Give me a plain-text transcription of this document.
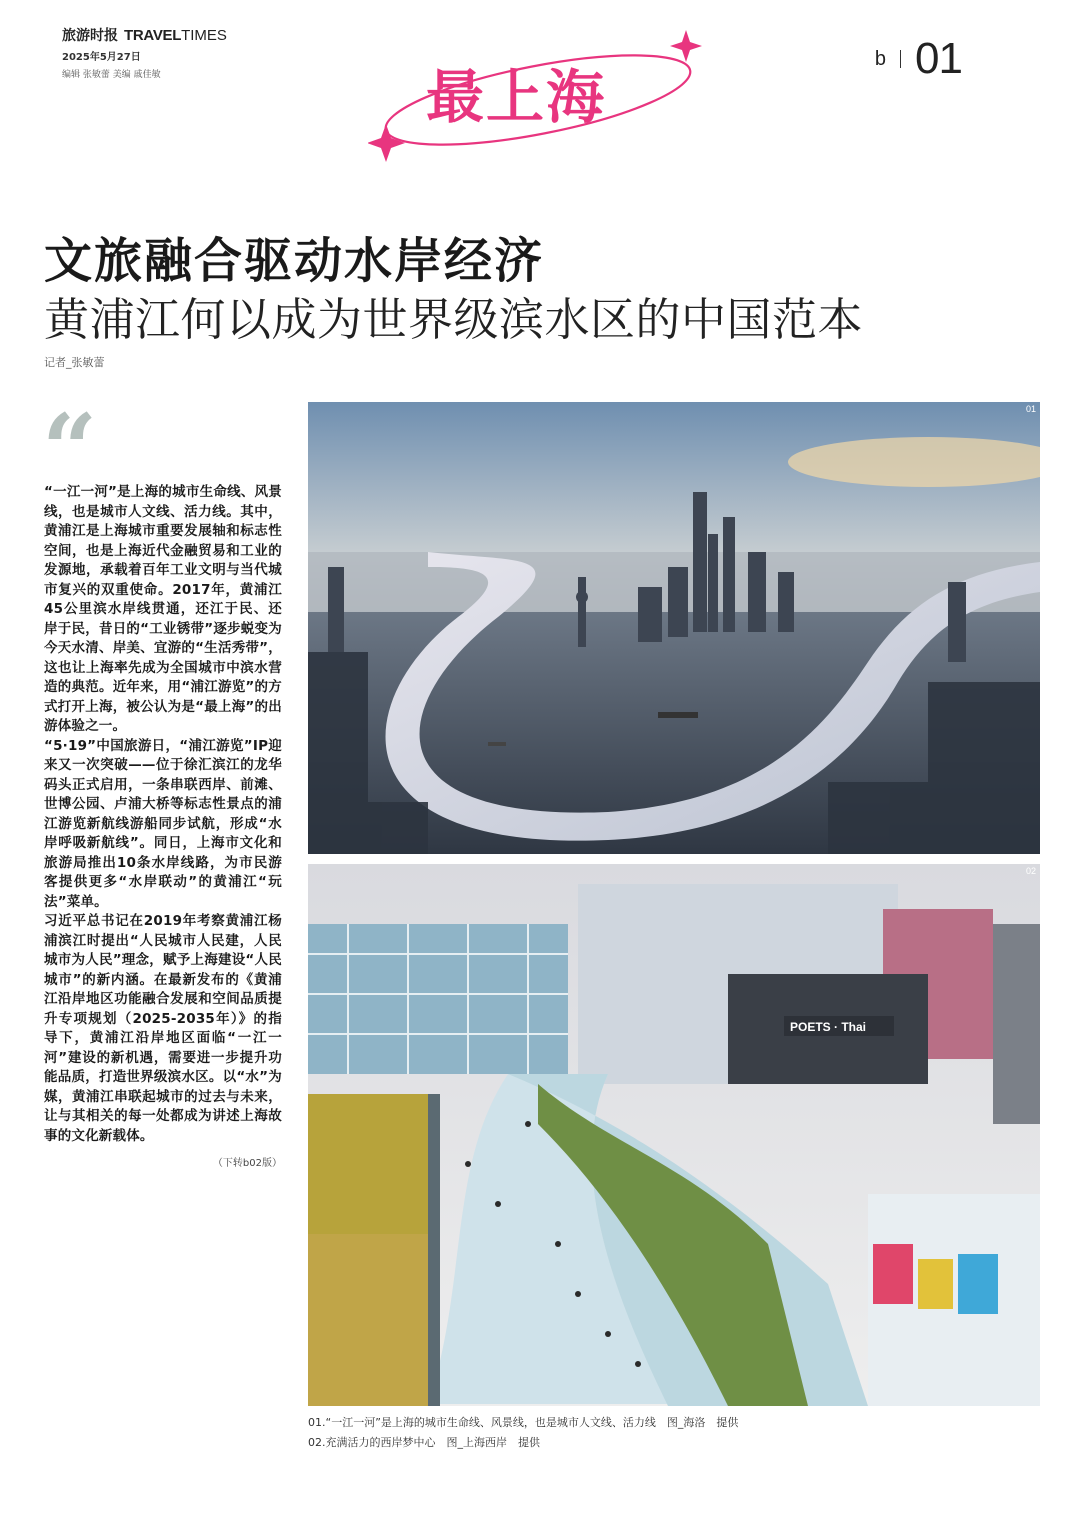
旅游时报 TRAVEL TIMES
2025年5月27日
编辑 张敏蕾 美编 戚佳敏	最上海
b 01
文旅融合驱动水岸经济
黄浦江何以成为世界级滨水区的中国范本
记者_张敏蕾
“

“一江一河”是上海的城市生命线、风景线，也是城市人文线、活力线。其中，黄浦江是上海城市重要发展轴和标志性空间，也是上海近代金融贸易和工业的发源地，承载着百年工业文明与当代城市复兴的双重使命。2017年，黄浦江45公里滨水岸线贯通，还江于民、还岸于民，昔日的“工业锈带”逐步蜕变为今天水清、岸美、宜游的“生活秀带”，这也让上海率先成为全国城市中滨水营造的典范。近年来，用“浦江游览”的方式打开上海，被公认为是“最上海”的出游体验之一。

“5·19”中国旅游日，“浦江游览”IP迎来又一次突破——位于徐汇滨江的龙华码头正式启用，一条串联西岸、前滩、世博公园、卢浦大桥等标志性景点的浦江游览新航线游船同步试航，形成“水岸呼吸新航线”。同日，上海市文化和旅游局推出10条水岸线路，为市民游客提供更多“水岸联动”的黄浦江“玩法”菜单。

习近平总书记在2019年考察黄浦江杨浦滨江时提出“人民城市人民建，人民城市为人民”理念，赋予上海建设“人民城市”的新内涵。在最新发布的《黄浦江沿岸地区功能融合发展和空间品质提升专项规划（2025-2035年）》的指导下，黄浦江沿岸地区面临“一江一河”建设的新机遇，需要进一步提升功能品质，打造世界级滨水区。以“水”为媒，黄浦江串联起城市的过去与未来，让与其相关的每一处都成为讲述上海故事的文化新载体。

（下转b02版）
01
POETS · Thai
02
01.“一江一河”是上海的城市生命线、风景线，也是城市人文线、活力线　图_海洛　提供
02.充满活力的西岸梦中心　图_上海西岸　提供
